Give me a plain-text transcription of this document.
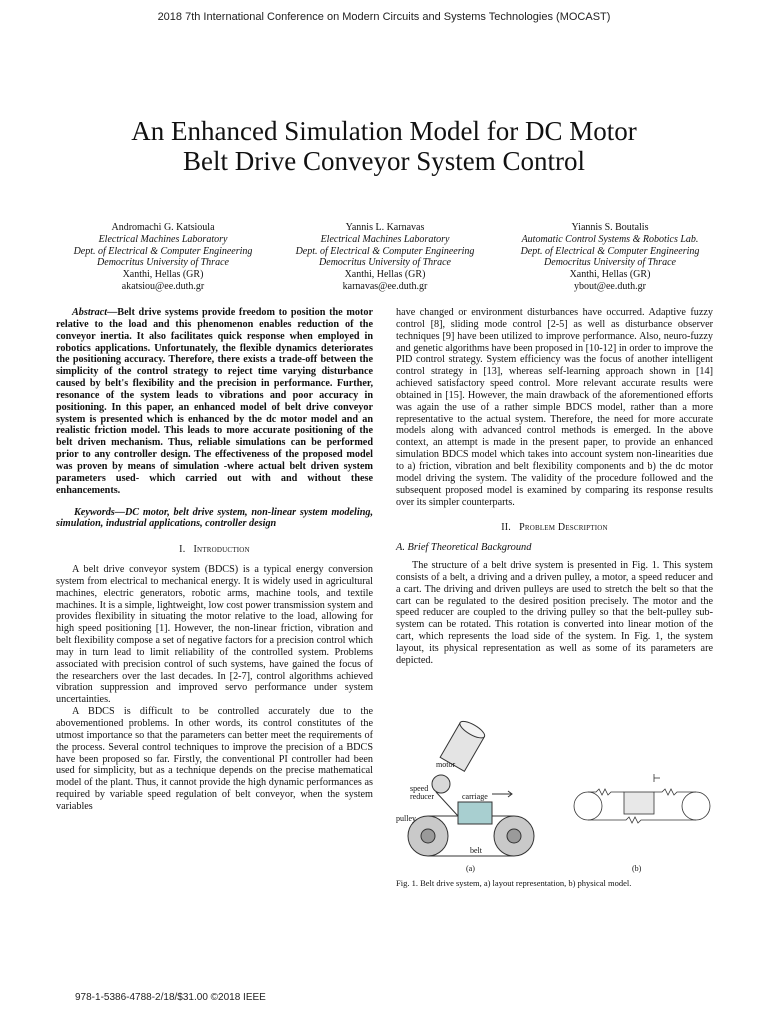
2018 7th International Conference on Modern Circuits and Systems Technologies (MOCAST)
An Enhanced Simulation Model for DC Motor
Belt Drive Conveyor System Control
Andromachi G. Katsioula
Electrical Machines Laboratory
Dept. of Electrical & Computer Engineering
Democritus University of Thrace
Xanthi, Hellas (GR)
akatsiou@ee.duth.gr
Yannis L. Karnavas
Electrical Machines Laboratory
Dept. of Electrical & Computer Engineering
Democritus University of Thrace
Xanthi, Hellas (GR)
karnavas@ee.duth.gr
Yiannis S. Boutalis
Automatic Control Systems & Robotics Lab.
Dept. of Electrical & Computer Engineering
Democritus University of Thrace
Xanthi, Hellas (GR)
ybout@ee.duth.gr

Abstract—Belt drive systems provide freedom to position the motor relative to the load and this phenomenon enables reduction of the conveyor inertia. It also facilitates quick response when employed in robotics applications. Unfortunately, the flexible dynamics deteriorates the positioning accuracy. Therefore, there exists a trade-off between the simplicity of the control strategy to reject time varying disturbance caused by belt's flexibility and the precision in performance. Further, resonance of the system leads to vibrations and poor accuracy in positioning. In this paper, an enhanced model of belt drive conveyor system is presented which is enhanced by the dc motor model and an realistic friction model. This leads to more accurate positioning of the belt driven mechanism. Thus, reliable simulations can be performed prior to any controller design. The effectiveness of the proposed model was proven by means of simulation -where actual belt driven system parameters used- which carried out with and without these enhancements.

Keywords—DC motor, belt drive system, non-linear system modeling, simulation, industrial applications, controller design

I. Introduction

A belt drive conveyor system (BDCS) is a typical energy conversion system from electrical to mechanical energy. It is widely used in agricultural machines, electric generators, robotic arms, machine tools, and textile machines. It is a simple, lightweight, low cost power transmission system and provides flexibility in situating the motor relative to the load, allowing for high speed positioning [1]. However, the non-linear friction, vibration and belt flexibility compose a set of negative factors for a precision control which may in turn lead to limit reliability of the controlled system. Problems associated with precision control of such systems, have gained the focus of the researchers over the last decades. In [2-7], control algorithms achieved vibration suppression and improved servo performance under system uncertainties.

A BDCS is difficult to be controlled accurately due to the abovementioned problems. In other words, its control constitutes of the utmost importance so that the parameters can better meet the requirements of the process. Several control techniques to improve the precision of a BDCS have been proposed so far. Firstly, the conventional PI controller had been used for simplicity, but as a technique depends on the precise mathematical model of the plant. Thus, it cannot provide the high dynamic performances as required by variable speed regulation of belt conveyor, when the system variables

have changed or environment disturbances have occurred. Adaptive fuzzy control [8], sliding mode control [2-5] as well as disturbance observer techniques [9] have been utilized to improve performance. Also, neuro-fuzzy and genetic algorithms have been proposed in [10-12] in order to improve the PID control strategy. System efficiency was the focus of another intelligent control strategy in [13], whereas self-learning approach shown in [14] achieved satisfactory speed control. More relevant accurate results were obtained in [15]. However, the main drawback of the aforementioned efforts was again the use of a rather simple BDCS model, rather than a more representative to the actual system. Therefore, the need for more accurate models along with advanced control methods is emerged. In the above context, an attempt is made in the present paper, to provide an enhanced simulation BDCS model which takes into account system non-linearities due to a) friction, vibration and belt flexibility components and b) the dc motor model driving the system. The validity of the procedure followed and the subsequent proposed model is examined by comparing its response results over its simpler counterparts.

II. Problem Description
A. Brief Theoretical Background

The structure of a belt drive system is presented in Fig. 1. This system consists of a belt, a driving and a driven pulley, a motor, a speed reducer and a cart. The driving and driven pulleys are used to stretch the belt so that the cart can be regulated to the desired position precisely. The motor and the speed reducer are coupled to the driving pulley so that the belt-pulley sub-system can be rotated. This rotation is converted into linear motion of the cart, which represents the load side of the system. In Fig. 1, the system layout, its physical representation as well as some of its parameters are depicted.

motor
speed
reducer	carriage
pulley
belt
(a)	(b)
Fig. 1. Belt drive system, a) layout representation, b) physical model.
978-1-5386-4788-2/18/$31.00 ©2018 IEEE
